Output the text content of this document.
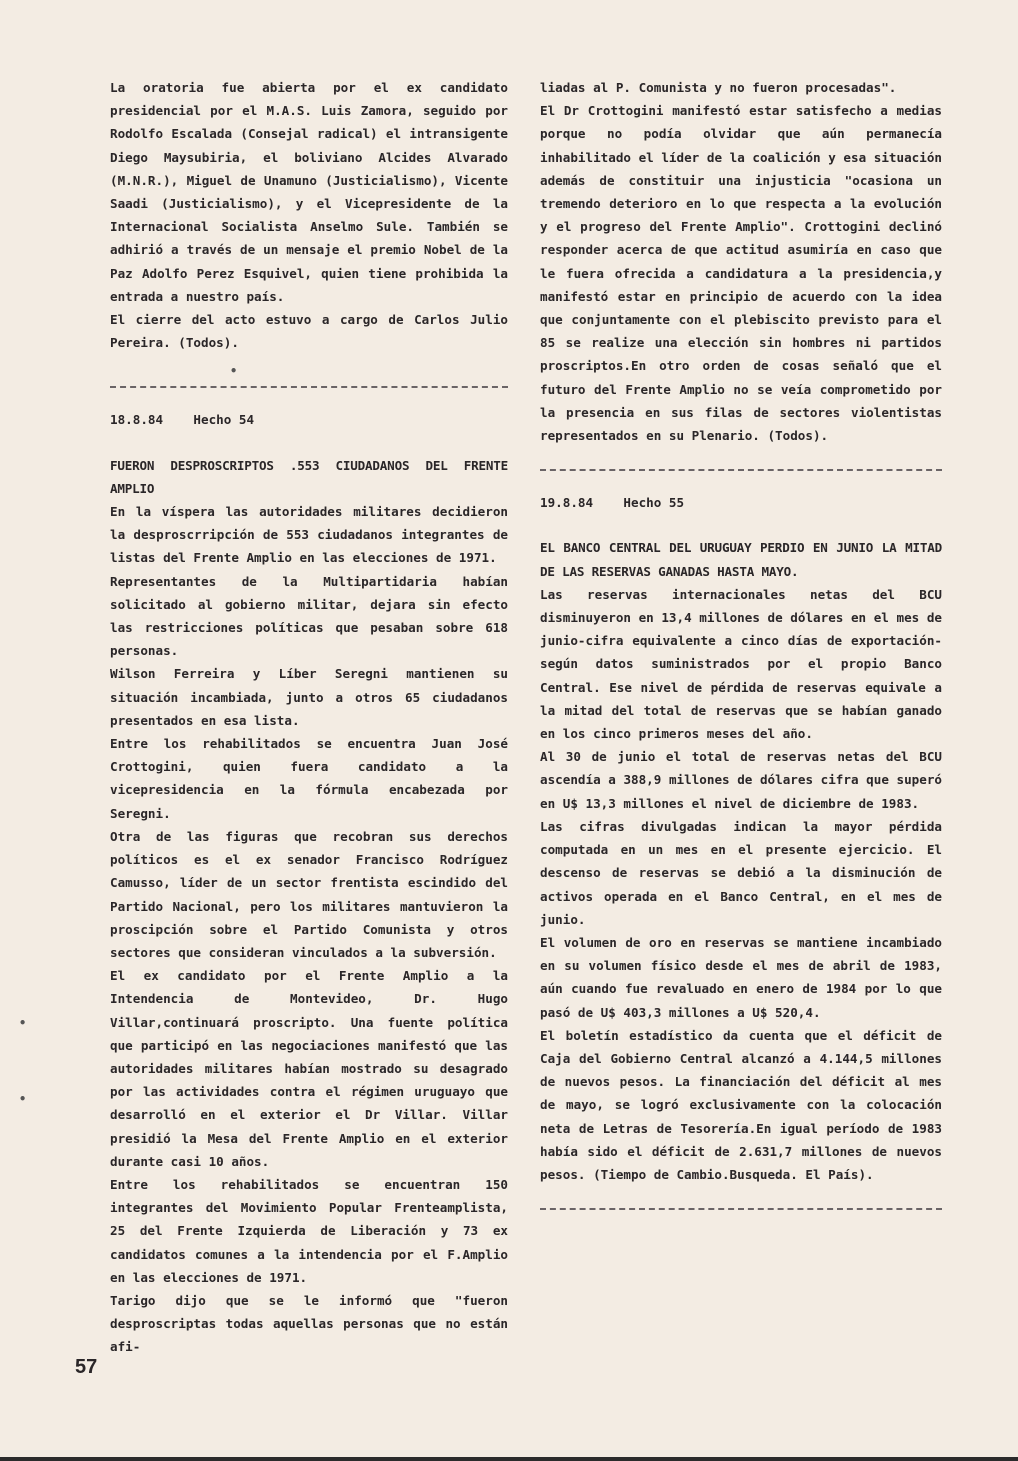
La oratoria fue abierta por el ex candidato presidencial por el M.A.S. Luis Zamora, seguido por Rodolfo Escalada (Consejal radical) el intransigente Diego Maysubiria, el boliviano Alcides Alvarado (M.N.R.), Miguel de Unamuno (Justicialismo), Vicente Saadi (Justicialismo), y el Vicepresidente de la Internacional Socialista Anselmo Sule. También se adhirió a través de un mensaje el premio Nobel de la Paz Adolfo Perez Esquivel, quien tiene prohibida la entrada a nuestro país.

El cierre del acto estuvo a cargo de Carlos Julio Pereira. (Todos).

18.8.84 Hecho 54

FUERON DESPROSCRIPTOS .553 CIUDADANOS DEL FRENTE AMPLIO

En la víspera las autoridades militares decidieron la desproscrripción de 553 ciudadanos integrantes de listas del Frente Amplio en las elecciones de 1971.

Representantes de la Multipartidaria habían solicitado al gobierno militar, dejara sin efecto las restricciones políticas que pesaban sobre 618 personas.

Wilson Ferreira y Líber Seregni mantienen su situación incambiada, junto a otros 65 ciudadanos presentados en esa lista.

Entre los rehabilitados se encuentra Juan José Crottogini, quien fuera candidato a la vicepresidencia en la fórmula encabezada por Seregni.

Otra de las figuras que recobran sus derechos políticos es el ex senador Francisco Rodríguez Camusso, líder de un sector frentista escindido del Partido Nacional, pero los militares mantuvieron la proscipción sobre el Partido Comunista y otros sectores que consideran vinculados a la subversión.

El ex candidato por el Frente Amplio a la Intendencia de Montevideo, Dr. Hugo Villar,continuará proscripto. Una fuente política que participó en las negociaciones manifestó que las autoridades militares habían mostrado su desagrado por las actividades contra el régimen uruguayo que desarrolló en el exterior el Dr Villar. Villar presidió la Mesa del Frente Amplio en el exterior durante casi 10 años.

Entre los rehabilitados se encuentran 150 integrantes del Movimiento Popular Frenteamplista, 25 del Frente Izquierda de Liberación y 73 ex candidatos comunes a la intendencia por el F.Amplio en las elecciones de 1971.

Tarigo dijo que se le informó que "fueron desproscriptas todas aquellas personas que no están afi-

liadas al P. Comunista y no fueron procesadas".

El Dr Crottogini manifestó estar satisfecho a medias porque no podía olvidar que aún permanecía inhabilitado el líder de la coalición y esa situación además de constituir una injusticia "ocasiona un tremendo deterioro en lo que respecta a la evolución y el progreso del Frente Amplio". Crottogini declinó responder acerca de que actitud asumiría en caso que le fuera ofrecida a candidatura a la presidencia,y manifestó estar en principio de acuerdo con la idea que conjuntamente con el plebiscito previsto para el 85 se realize una elección sin hombres ni partidos proscriptos.En otro orden de cosas señaló que el futuro del Frente Amplio no se veía comprometido por la presencia en sus filas de sectores violentistas representados en su Plenario. (Todos).

19.8.84 Hecho 55

EL BANCO CENTRAL DEL URUGUAY PERDIO EN JUNIO LA MITAD DE LAS RESERVAS GANADAS HASTA MAYO.

Las reservas internacionales netas del BCU disminuyeron en 13,4 millones de dólares en el mes de junio-cifra equivalente a cinco días de exportación-según datos suministrados por el propio Banco Central. Ese nivel de pérdida de reservas equivale a la mitad del total de reservas que se habían ganado en los cinco primeros meses del año.

Al 30 de junio el total de reservas netas del BCU ascendía a 388,9 millones de dólares cifra que superó en U$ 13,3 millones el nivel de diciembre de 1983.

Las cifras divulgadas indican la mayor pérdida computada en un mes en el presente ejercicio. El descenso de reservas se debió a la disminución de activos operada en el Banco Central, en el mes de junio.

El volumen de oro en reservas se mantiene incambiado en su volumen físico desde el mes de abril de 1983, aún cuando fue revaluado en enero de 1984 por lo que pasó de U$ 403,3 millones a U$ 520,4.

El boletín estadístico da cuenta que el déficit de Caja del Gobierno Central alcanzó a 4.144,5 millones de nuevos pesos. La financiación del déficit al mes de mayo, se logró exclusivamente con la colocación neta de Letras de Tesorería.En igual período de 1983 había sido el déficit de 2.631,7 millones de nuevos pesos. (Tiempo de Cambio.Busqueda. El País).

57
•
•
•
